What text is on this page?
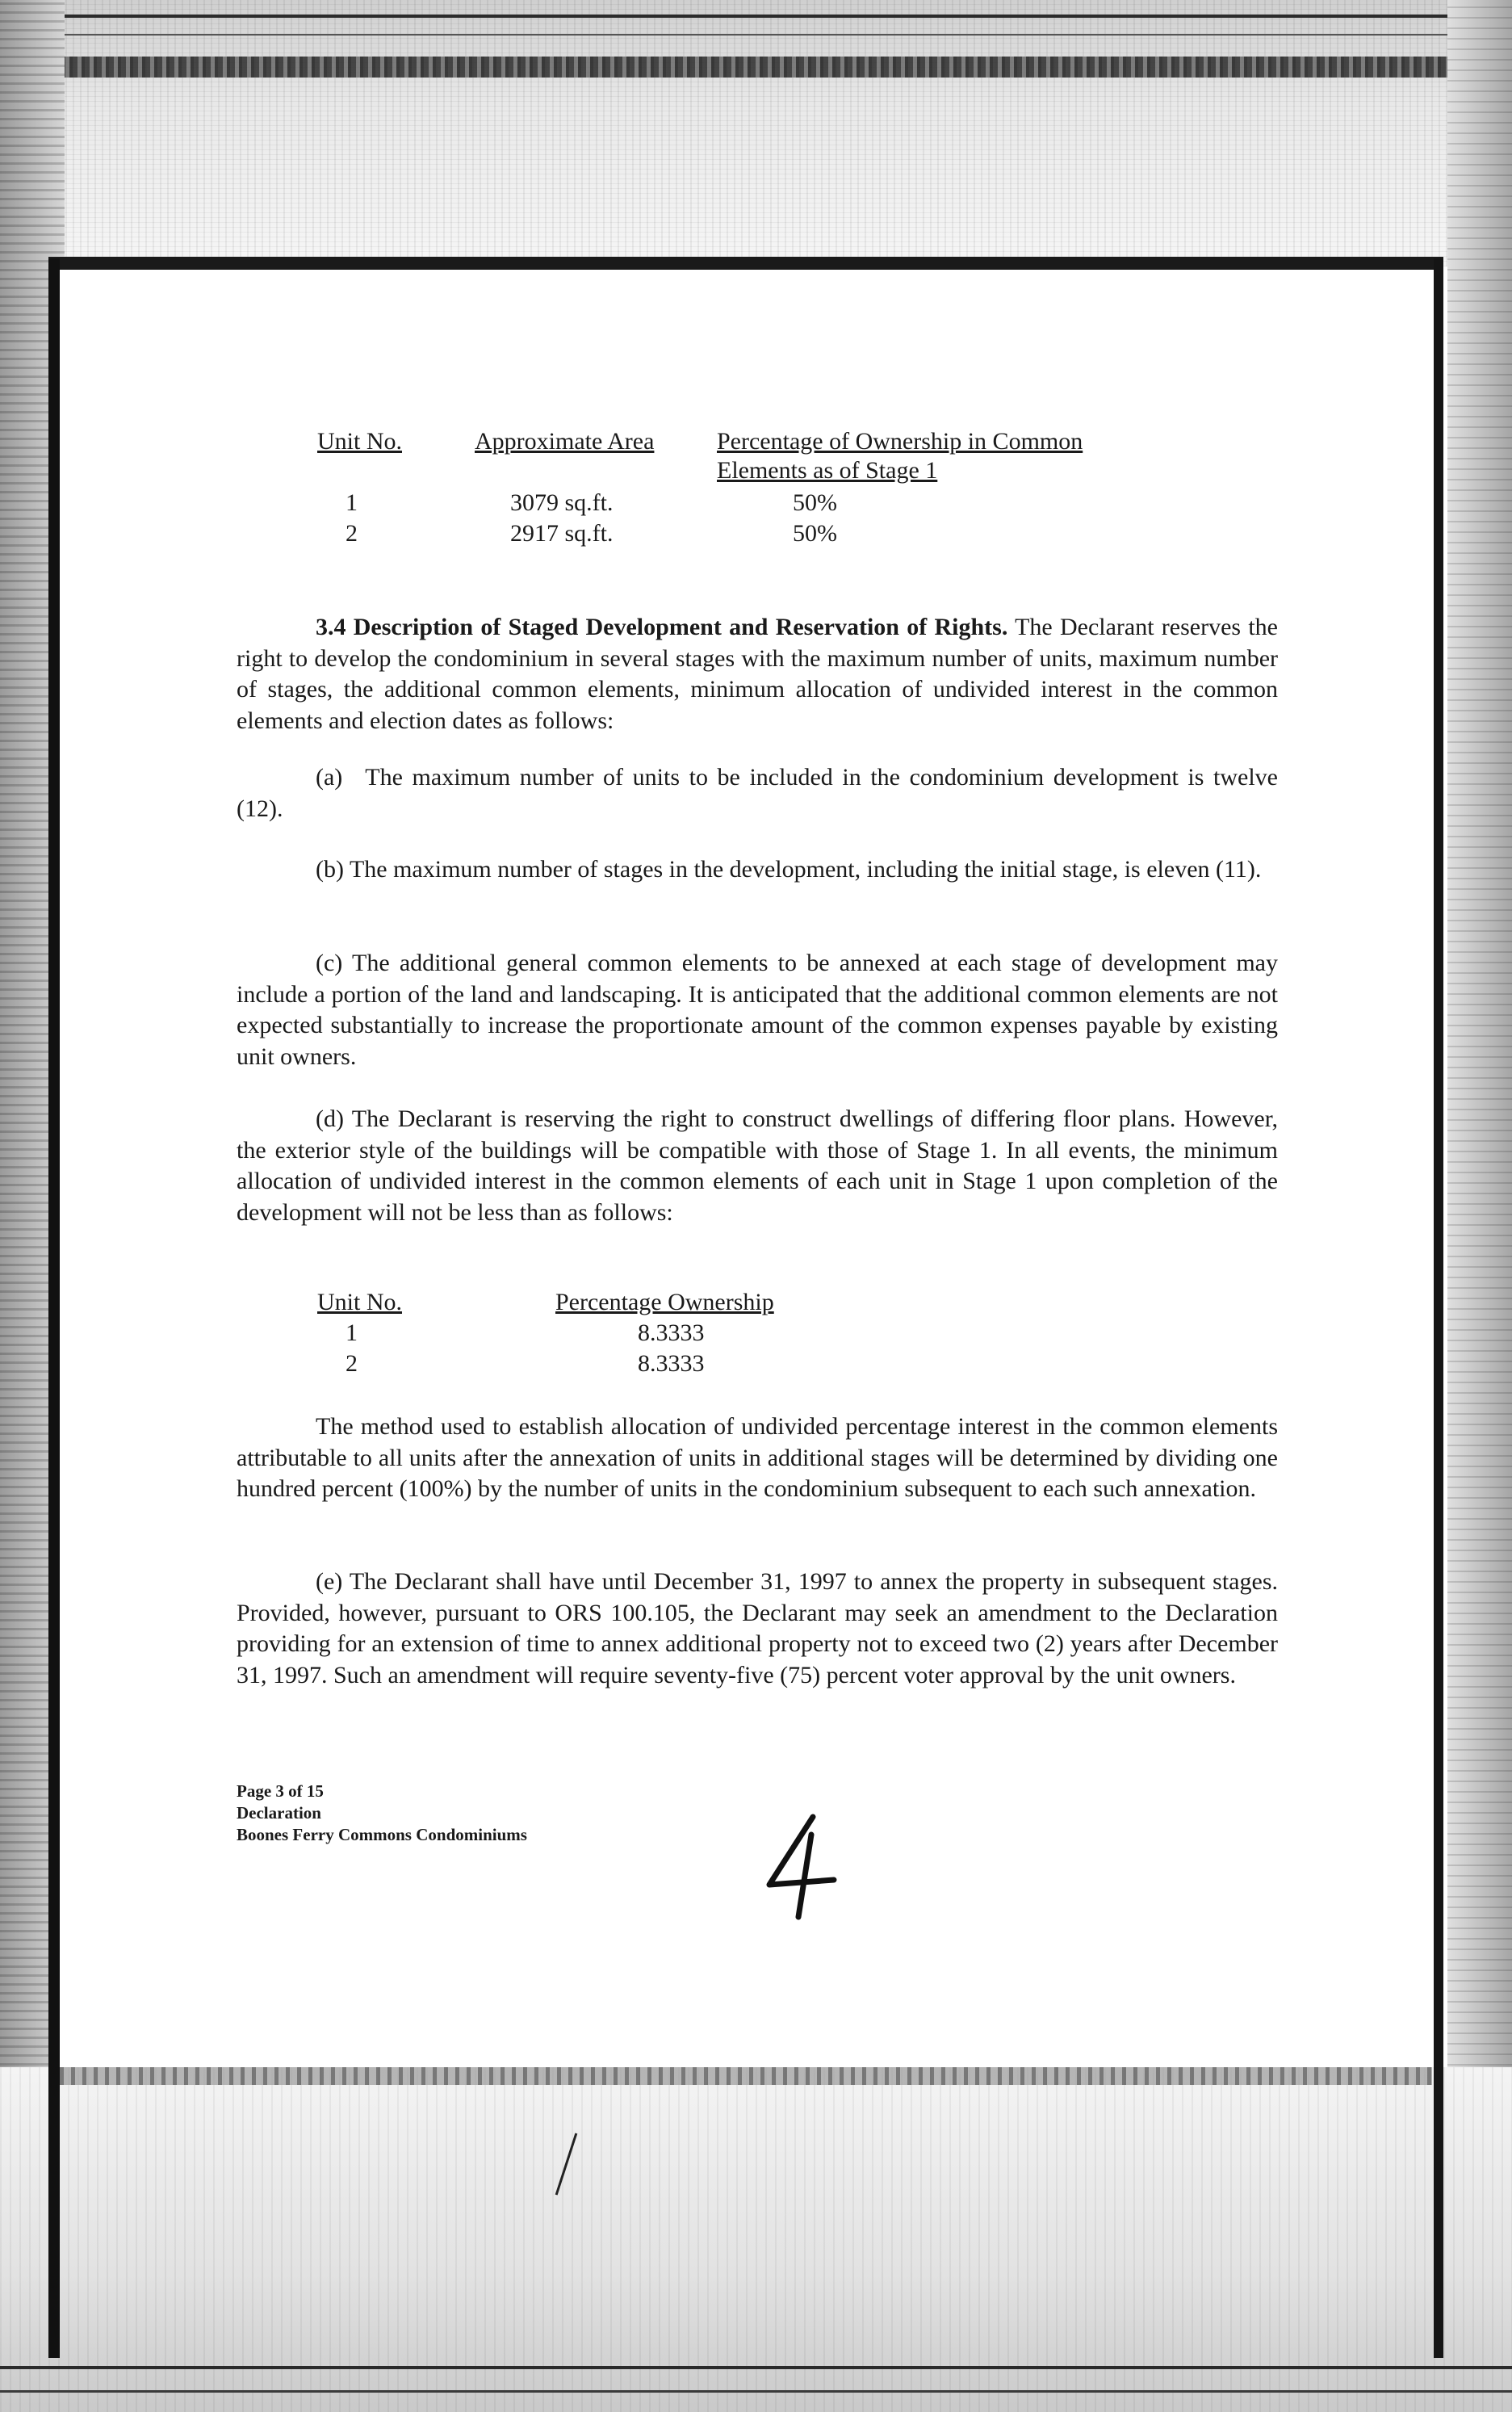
Unit No.	Approximate Area	Percentage of Ownership in Common
Elements as of Stage 1
1	3079 sq.ft.	50%
2	2917 sq.ft.	50%
3.4 Description of Staged Development and Reservation of Rights. The Declarant reserves the right to develop the condominium in several stages with the maximum number of units, maximum number of stages, the additional common elements, minimum allocation of undivided interest in the common elements and election dates as follows:
(a) The maximum number of units to be included in the condominium development is twelve (12).
(b) The maximum number of stages in the development, including the initial stage, is eleven (11).
(c) The additional general common elements to be annexed at each stage of development may include a portion of the land and landscaping. It is anticipated that the additional common elements are not expected substantially to increase the proportionate amount of the common expenses payable by existing unit owners.
(d) The Declarant is reserving the right to construct dwellings of differing floor plans. However, the exterior style of the buildings will be compatible with those of Stage 1. In all events, the minimum allocation of undivided interest in the common elements of each unit in Stage 1 upon completion of the development will not be less than as follows:
Unit No.	Percentage Ownership
1	8.3333
2	8.3333
The method used to establish allocation of undivided percentage interest in the common elements attributable to all units after the annexation of units in additional stages will be determined by dividing one hundred percent (100%) by the number of units in the condominium subsequent to each such annexation.
(e) The Declarant shall have until December 31, 1997 to annex the property in subsequent stages. Provided, however, pursuant to ORS 100.105, the Declarant may seek an amendment to the Declaration providing for an extension of time to annex additional property not to exceed two (2) years after December 31, 1997. Such an amendment will require seventy-five (75) percent voter approval by the unit owners.
Page 3 of 15
Declaration
Boones Ferry Commons Condominiums
